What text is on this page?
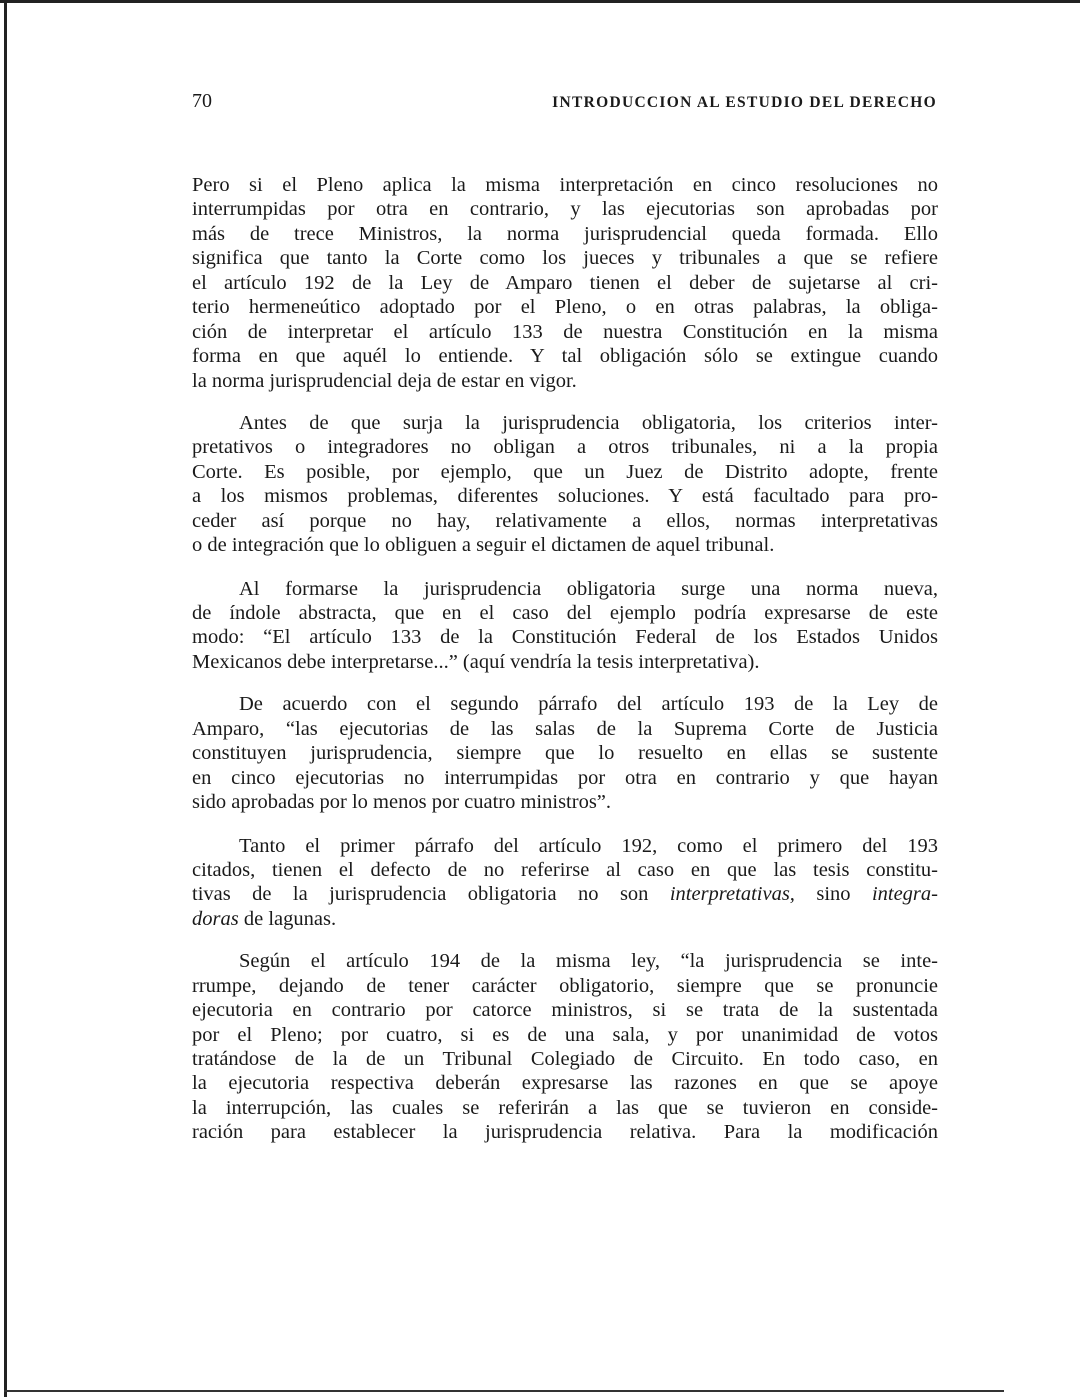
70	INTRODUCCION AL ESTUDIO DEL DERECHO
Pero si el Pleno aplica la misma interpretación en cinco resoluciones no
interrumpidas por otra en contrario, y las ejecutorias son aprobadas por
más de trece Ministros, la norma jurisprudencial queda formada. Ello
significa que tanto la Corte como los jueces y tribunales a que se refiere
el artículo 192 de la Ley de Amparo tienen el deber de sujetarse al cri-
terio hermeneútico adoptado por el Pleno, o en otras palabras, la obliga-
ción de interpretar el artículo 133 de nuestra Constitución en la misma
forma en que aquél lo entiende. Y tal obligación sólo se extingue cuando
la norma jurisprudencial deja de estar en vigor.
Antes de que surja la jurisprudencia obligatoria, los criterios inter-
pretativos o integradores no obligan a otros tribunales, ni a la propia
Corte. Es posible, por ejemplo, que un Juez de Distrito adopte, frente
a los mismos problemas, diferentes soluciones. Y está facultado para pro-
ceder así porque no hay, relativamente a ellos, normas interpretativas
o de integración que lo obliguen a seguir el dictamen de aquel tribunal.
Al formarse la jurisprudencia obligatoria surge una norma nueva,
de índole abstracta, que en el caso del ejemplo podría expresarse de este
modo: “El artículo 133 de la Constitución Federal de los Estados Unidos
Mexicanos debe interpretarse...” (aquí vendría la tesis interpretativa).
De acuerdo con el segundo párrafo del artículo 193 de la Ley de
Amparo, “las ejecutorias de las salas de la Suprema Corte de Justicia
constituyen jurisprudencia, siempre que lo resuelto en ellas se sustente
en cinco ejecutorias no interrumpidas por otra en contrario y que hayan
sido aprobadas por lo menos por cuatro ministros”.
Tanto el primer párrafo del artículo 192, como el primero del 193
citados, tienen el defecto de no referirse al caso en que las tesis constitu-
tivas de la jurisprudencia obligatoria no son interpretativas, sino integra-
doras de lagunas.
Según el artículo 194 de la misma ley, “la jurisprudencia se inte-
rrumpe, dejando de tener carácter obligatorio, siempre que se pronuncie
ejecutoria en contrario por catorce ministros, si se trata de la sustentada
por el Pleno; por cuatro, si es de una sala, y por unanimidad de votos
tratándose de la de un Tribunal Colegiado de Circuito. En todo caso, en
la ejecutoria respectiva deberán expresarse las razones en que se apoye
la interrupción, las cuales se referirán a las que se tuvieron en conside-
ración para establecer la jurisprudencia relativa. Para la modificación
